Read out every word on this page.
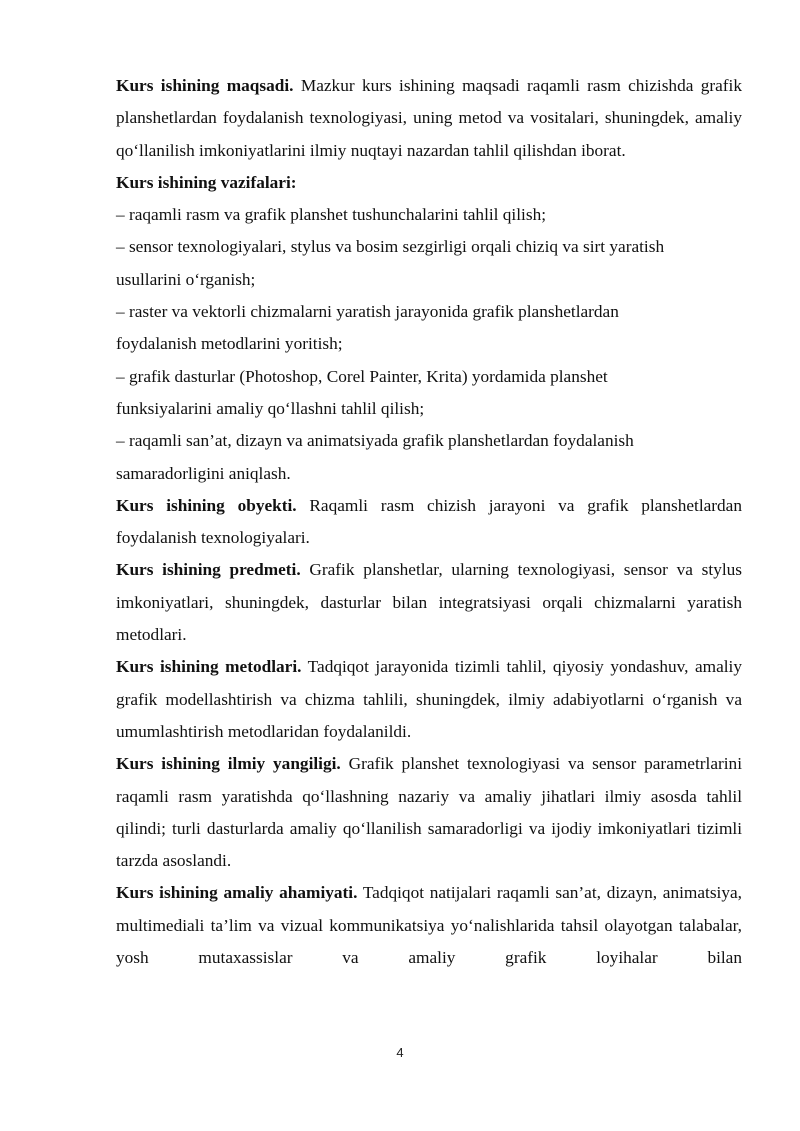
Kurs ishining maqsadi. Mazkur kurs ishining maqsadi raqamli rasm chizishda grafik planshetlardan foydalanish texnologiyasi, uning metod va vositalari, shuningdek, amaliy qo‘llanilish imkoniyatlarini ilmiy nuqtayi nazardan tahlil qilishdan iborat.

Kurs ishining vazifalari:

– raqamli rasm va grafik planshet tushunchalarini tahlil qilish;

– sensor texnologiyalari, stylus va bosim sezgirligi orqali chiziq va sirt yaratish usullarini o‘rganish;

– raster va vektorli chizmalarni yaratish jarayonida grafik planshetlardan foydalanish metodlarini yoritish;

– grafik dasturlar (Photoshop, Corel Painter, Krita) yordamida planshet funksiyalarini amaliy qo‘llashni tahlil qilish;

– raqamli san’at, dizayn va animatsiyada grafik planshetlardan foydalanish samaradorligini aniqlash.

Kurs ishining obyekti. Raqamli rasm chizish jarayoni va grafik planshetlardan foydalanish texnologiyalari.

Kurs ishining predmeti. Grafik planshetlar, ularning texnologiyasi, sensor va stylus imkoniyatlari, shuningdek, dasturlar bilan integratsiyasi orqali chizmalarni yaratish metodlari.

Kurs ishining metodlari. Tadqiqot jarayonida tizimli tahlil, qiyosiy yondashuv, amaliy grafik modellashtirish va chizma tahlili, shuningdek, ilmiy adabiyotlarni o‘rganish va umumlashtirish metodlaridan foydalanildi.

Kurs ishining ilmiy yangiligi. Grafik planshet texnologiyasi va sensor parametrlarini raqamli rasm yaratishda qo‘llashning nazariy va amaliy jihatlari ilmiy asosda tahlil qilindi; turli dasturlarda amaliy qo‘llanilish samaradorligi va ijodiy imkoniyatlari tizimli tarzda asoslandi.

Kurs ishining amaliy ahamiyati. Tadqiqot natijalari raqamli san’at, dizayn, animatsiya, multimediali ta’lim va vizual kommunikatsiya yo‘nalishlarida tahsil olayotgan talabalar, yosh mutaxassislar va amaliy grafik loyihalar bilan

4
